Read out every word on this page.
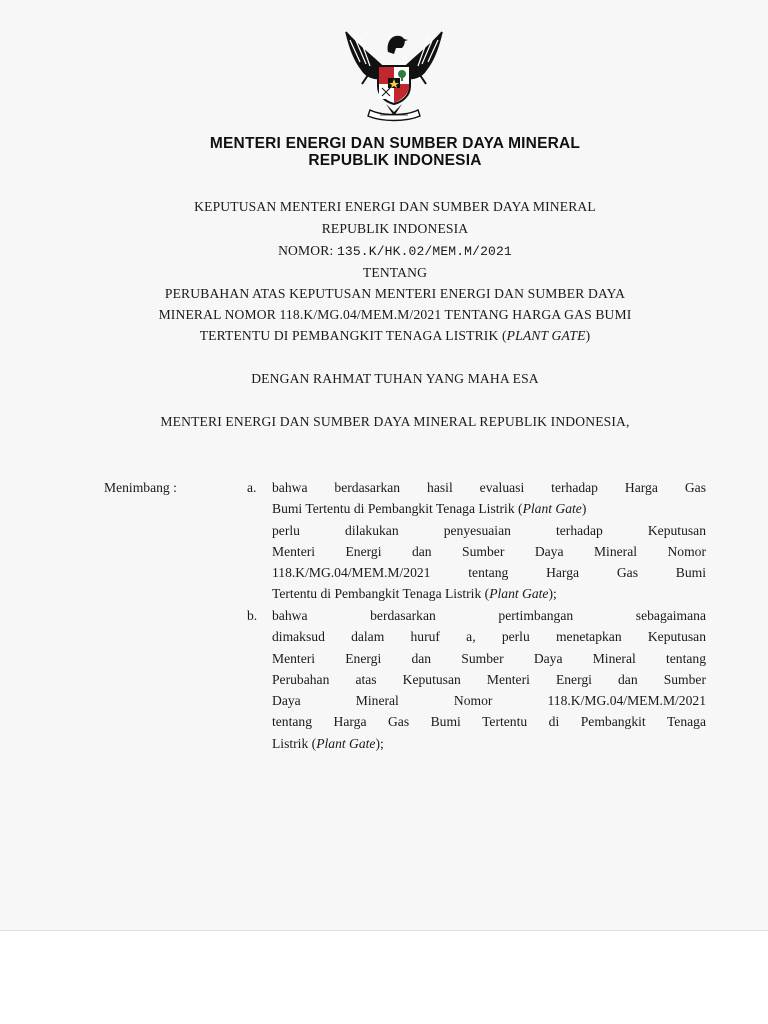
MENTERI ENERGI DAN SUMBER DAYA MINERAL
REPUBLIK INDONESIA
KEPUTUSAN MENTERI ENERGI DAN SUMBER DAYA MINERAL
REPUBLIK INDONESIA
NOMOR: 135.K/HK.02/MEM.M/2021
TENTANG
PERUBAHAN ATAS KEPUTUSAN MENTERI ENERGI DAN SUMBER DAYA
MINERAL NOMOR 118.K/MG.04/MEM.M/2021 TENTANG HARGA GAS BUMI
TERTENTU DI PEMBANGKIT TENAGA LISTRIK (PLANT GATE)
DENGAN RAHMAT TUHAN YANG MAHA ESA
MENTERI ENERGI DAN SUMBER DAYA MINERAL REPUBLIK INDONESIA,
Menimbang :	a. bahwa berdasarkan hasil evaluasi terhadap Harga Gas
Bumi Tertentu di Pembangkit Tenaga Listrik (Plant Gate)
perlu dilakukan penyesuaian terhadap Keputusan
Menteri Energi dan Sumber Daya Mineral Nomor
118.K/MG.04/MEM.M/2021 tentang Harga Gas Bumi
Tertentu di Pembangkit Tenaga Listrik (Plant Gate);
b. bahwa berdasarkan pertimbangan sebagaimana
dimaksud dalam huruf a, perlu menetapkan Keputusan
Menteri Energi dan Sumber Daya Mineral tentang
Perubahan atas Keputusan Menteri Energi dan Sumber
Daya Mineral Nomor 118.K/MG.04/MEM.M/2021
tentang Harga Gas Bumi Tertentu di Pembangkit Tenaga
Listrik (Plant Gate);
